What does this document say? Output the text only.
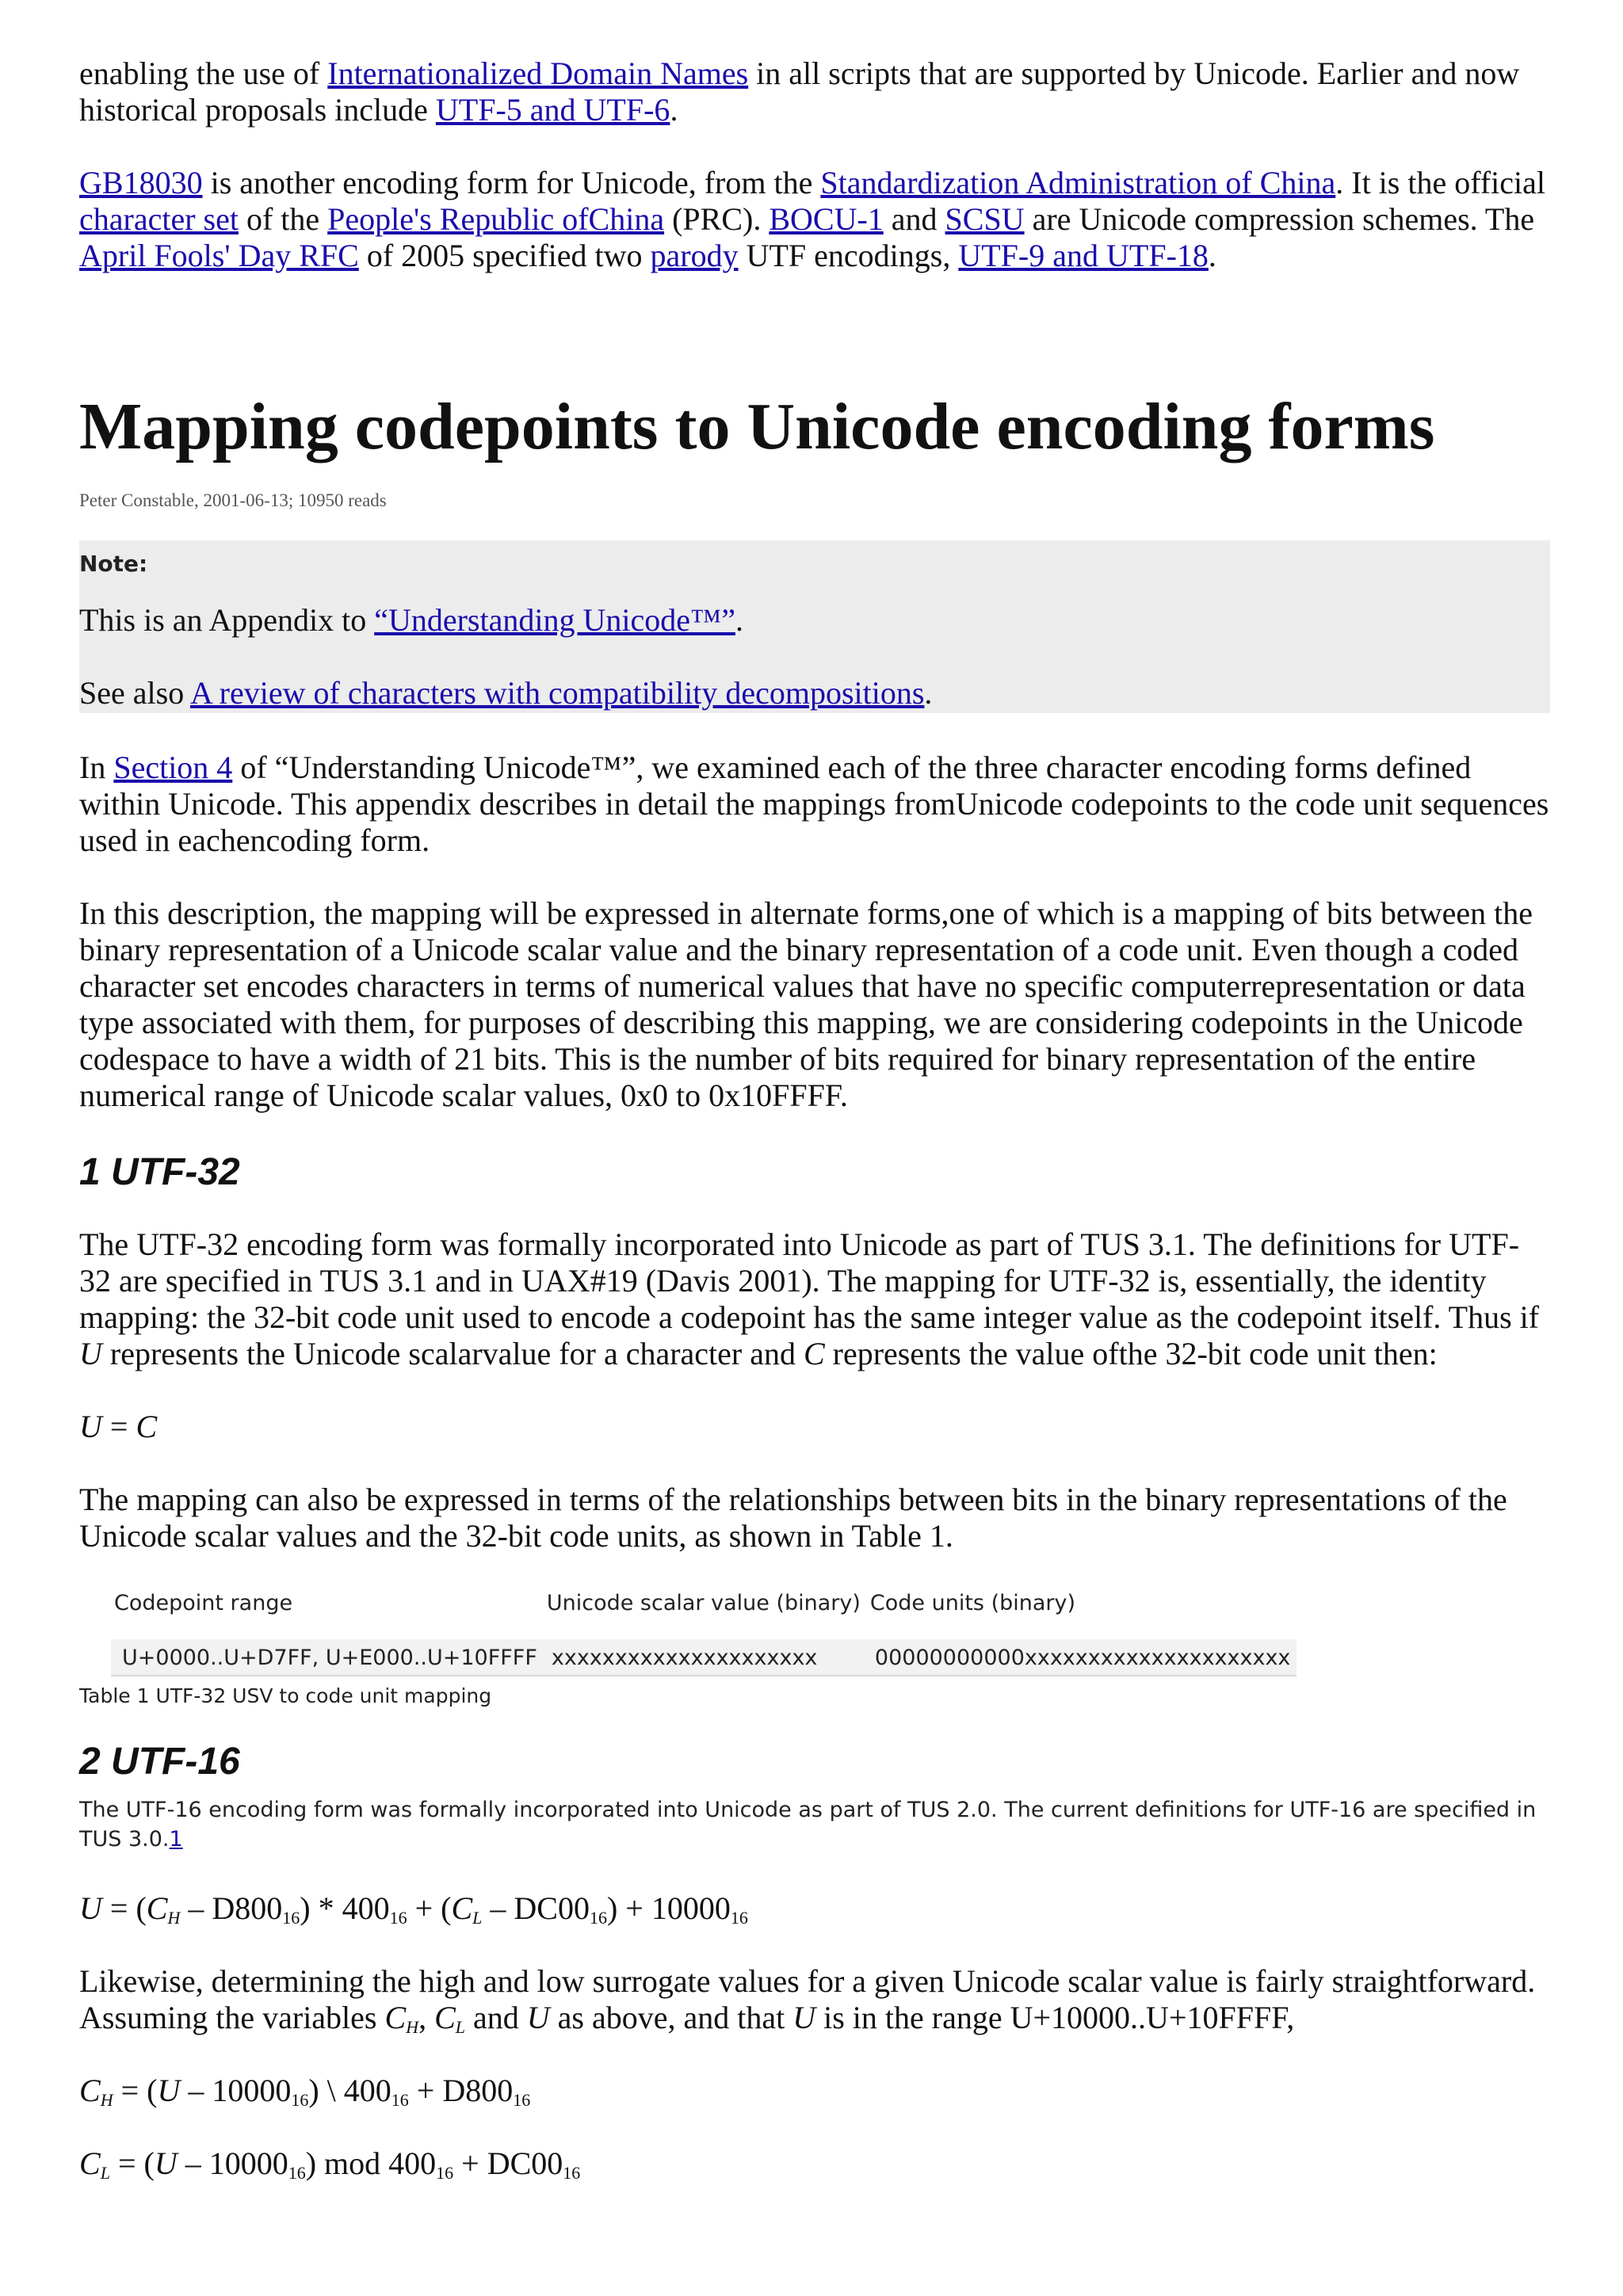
enabling the use of Internationalized Domain Names in all scripts that are supported by Unicode. Earlier and now historical proposals include UTF-5 and UTF-6.

GB18030 is another encoding form for Unicode, from the Standardization Administration of China. It is the official character set of the People's Republic ofChina (PRC). BOCU-1 and SCSU are Unicode compression schemes. The April Fools' Day RFC of 2005 specified two parody UTF encodings, UTF-9 and UTF-18.

Mapping codepoints to Unicode encoding forms
Peter Constable, 2001-06-13; 10950 reads
Note:

This is an Appendix to “Understanding Unicode™”.

See also A review of characters with compatibility decompositions.

In Section 4 of “Understanding Unicode™”, we examined each of the three character encoding forms defined within Unicode. This appendix describes in detail the mappings fromUnicode codepoints to the code unit sequences used in eachencoding form.

In this description, the mapping will be expressed in alternate forms,one of which is a mapping of bits between the binary representation of a Unicode scalar value and the binary representation of a code unit. Even though a coded character set encodes characters in terms of numerical values that have no specific computerrepresentation or data type associated with them, for purposes of describing this mapping, we are considering codepoints in the Unicode codespace to have a width of 21 bits. This is the number of bits required for binary representation of the entire numerical range of Unicode scalar values, 0x0 to 0x10FFFF.

1 UTF-32

The UTF-32 encoding form was formally incorporated into Unicode as part of TUS 3.1. The definitions for UTF-32 are specified in TUS 3.1 and in UAX#19 (Davis 2001). The mapping for UTF-32 is, essentially, the identity mapping: the 32-bit code unit used to encode a codepoint has the same integer value as the codepoint itself. Thus if U represents the Unicode scalarvalue for a character and C represents the value ofthe 32-bit code unit then:

U = C

The mapping can also be expressed in terms of the relationships between bits in the binary representations of the Unicode scalar values and the 32-bit code units, as shown in Table 1.

Codepoint range	Unicode scalar value (binary)	Code units (binary)
U+0000..U+D7FF, U+E000..U+10FFFF	xxxxxxxxxxxxxxxxxxxxx	00000000000xxxxxxxxxxxxxxxxxxxxx
Table 1 UTF-32 USV to code unit mapping
2 UTF-16
The UTF-16 encoding form was formally incorporated into Unicode as part of TUS 2.0. The current definitions for UTF-16 are specified in TUS 3.0.1
$U = (C_H - D800_{16}) * 400_{16} + (C_L - DC00_{16}) + 10000_{16}$

Likewise, determining the high and low surrogate values for a given Unicode scalar value is fairly straightforward. Assuming the variables $C_H$, $C_L$ and U as above, and that U is in the range U+10000..U+10FFFF,

$C_H = (U - 10000_{16})$ \ $400_{16} + D800_{16}$
$C_L = (U - 10000_{16})$ mod $400_{16} + DC00_{16}$
